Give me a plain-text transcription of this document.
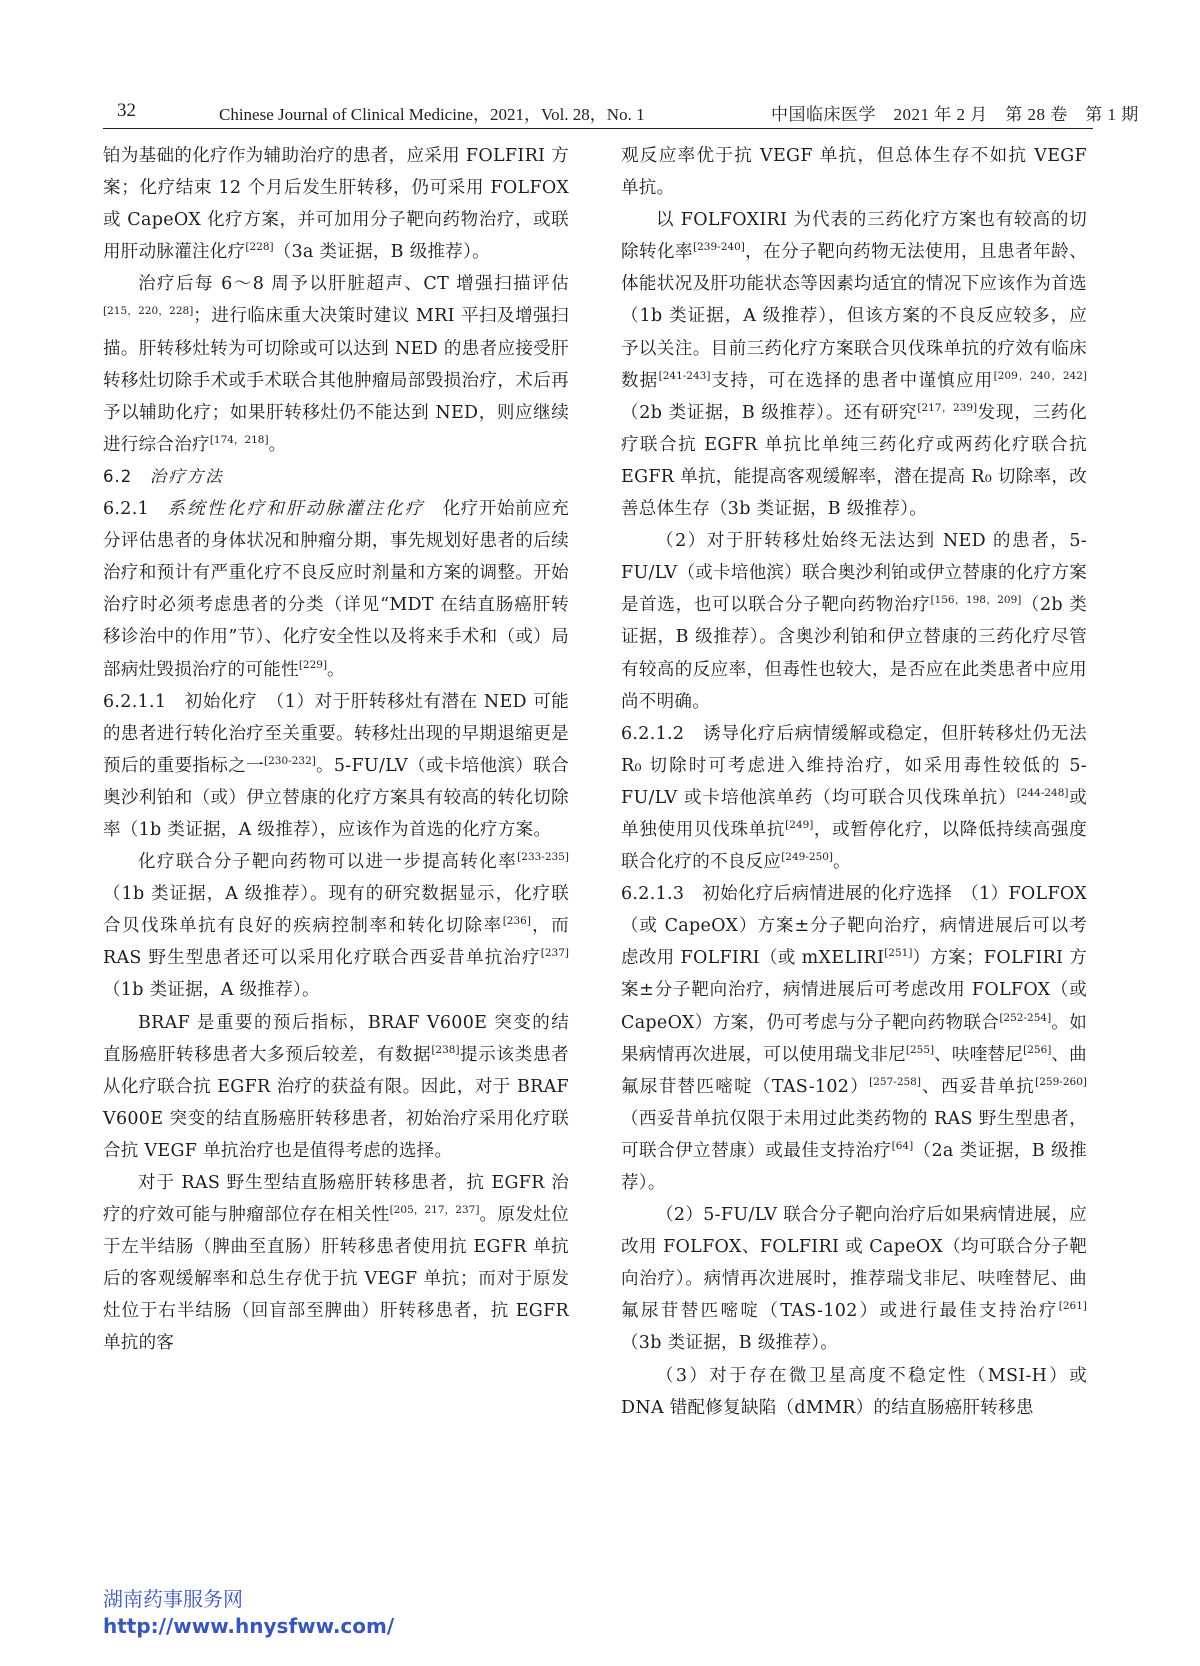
32	Chinese Journal of Clinical Medicine，2021，Vol. 28，No. 1	中国临床医学　2021 年 2 月　第 28 卷　第 1 期

铂为基础的化疗作为辅助治疗的患者，应采用 FOLFIRI 方案；化疗结束 12 个月后发生肝转移，仍可采用 FOLFOX 或 CapeOX 化疗方案，并可加用分子靶向药物治疗，或联用肝动脉灌注化疗[228]（3a 类证据，B 级推荐）。

治疗后每 6～8 周予以肝脏超声、CT 增强扫描评估[215，220，228]；进行临床重大决策时建议 MRI 平扫及增强扫描。肝转移灶转为可切除或可以达到 NED 的患者应接受肝转移灶切除手术或手术联合其他肿瘤局部毁损治疗，术后再予以辅助化疗；如果肝转移灶仍不能达到 NED，则应继续进行综合治疗[174，218]。

6.2　治疗方法

6.2.1　系统性化疗和肝动脉灌注化疗　化疗开始前应充分评估患者的身体状况和肿瘤分期，事先规划好患者的后续治疗和预计有严重化疗不良反应时剂量和方案的调整。开始治疗时必须考虑患者的分类（详见“MDT 在结直肠癌肝转移诊治中的作用”节）、化疗安全性以及将来手术和（或）局部病灶毁损治疗的可能性[229]。

6.2.1.1　初始化疗　（1）对于肝转移灶有潜在 NED 可能的患者进行转化治疗至关重要。转移灶出现的早期退缩更是预后的重要指标之一[230-232]。5-FU/LV（或卡培他滨）联合奥沙利铂和（或）伊立替康的化疗方案具有较高的转化切除率（1b 类证据，A 级推荐），应该作为首选的化疗方案。

化疗联合分子靶向药物可以进一步提高转化率[233-235]（1b 类证据，A 级推荐）。现有的研究数据显示，化疗联合贝伐珠单抗有良好的疾病控制率和转化切除率[236]，而 RAS 野生型患者还可以采用化疗联合西妥昔单抗治疗[237]（1b 类证据，A 级推荐）。

BRAF 是重要的预后指标，BRAF V600E 突变的结直肠癌肝转移患者大多预后较差，有数据[238]提示该类患者从化疗联合抗 EGFR 治疗的获益有限。因此，对于 BRAF V600E 突变的结直肠癌肝转移患者，初始治疗采用化疗联合抗 VEGF 单抗治疗也是值得考虑的选择。

对于 RAS 野生型结直肠癌肝转移患者，抗 EGFR 治疗的疗效可能与肿瘤部位存在相关性[205，217，237]。原发灶位于左半结肠（脾曲至直肠）肝转移患者使用抗 EGFR 单抗后的客观缓解率和总生存优于抗 VEGF 单抗；而对于原发灶位于右半结肠（回盲部至脾曲）肝转移患者，抗 EGFR 单抗的客

观反应率优于抗 VEGF 单抗，但总体生存不如抗 VEGF 单抗。

以 FOLFOXIRI 为代表的三药化疗方案也有较高的切除转化率[239-240]，在分子靶向药物无法使用，且患者年龄、体能状况及肝功能状态等因素均适宜的情况下应该作为首选（1b 类证据，A 级推荐），但该方案的不良反应较多，应予以关注。目前三药化疗方案联合贝伐珠单抗的疗效有临床数据[241-243]支持，可在选择的患者中谨慎应用[209，240，242]（2b 类证据，B 级推荐）。还有研究[217，239]发现，三药化疗联合抗 EGFR 单抗比单纯三药化疗或两药化疗联合抗 EGFR 单抗，能提高客观缓解率，潜在提高 R₀ 切除率，改善总体生存（3b 类证据，B 级推荐）。

（2）对于肝转移灶始终无法达到 NED 的患者，5-FU/LV（或卡培他滨）联合奥沙利铂或伊立替康的化疗方案是首选，也可以联合分子靶向药物治疗[156，198，209]（2b 类证据，B 级推荐）。含奥沙利铂和伊立替康的三药化疗尽管有较高的反应率，但毒性也较大，是否应在此类患者中应用尚不明确。

6.2.1.2　诱导化疗后病情缓解或稳定，但肝转移灶仍无法 R₀ 切除时可考虑进入维持治疗，如采用毒性较低的 5-FU/LV 或卡培他滨单药（均可联合贝伐珠单抗）[244-248]或单独使用贝伐珠单抗[249]，或暂停化疗，以降低持续高强度联合化疗的不良反应[249-250]。

6.2.1.3　初始化疗后病情进展的化疗选择　（1）FOLFOX（或 CapeOX）方案±分子靶向治疗，病情进展后可以考虑改用 FOLFIRI（或 mXELIRI[251]）方案；FOLFIRI 方案±分子靶向治疗，病情进展后可考虑改用 FOLFOX（或 CapeOX）方案，仍可考虑与分子靶向药物联合[252-254]。如果病情再次进展，可以使用瑞戈非尼[255]、呋喹替尼[256]、曲氟尿苷替匹嘧啶（TAS-102）[257-258]、西妥昔单抗[259-260]（西妥昔单抗仅限于未用过此类药物的 RAS 野生型患者，可联合伊立替康）或最佳支持治疗[64]（2a 类证据，B 级推荐）。

（2）5-FU/LV 联合分子靶向治疗后如果病情进展，应改用 FOLFOX、FOLFIRI 或 CapeOX（均可联合分子靶向治疗）。病情再次进展时，推荐瑞戈非尼、呋喹替尼、曲氟尿苷替匹嘧啶（TAS-102）或进行最佳支持治疗[261]（3b 类证据，B 级推荐）。

（3）对于存在微卫星高度不稳定性（MSI-H）或 DNA 错配修复缺陷（dMMR）的结直肠癌肝转移患

湖南药事服务网
http://www.hnysfww.com/
